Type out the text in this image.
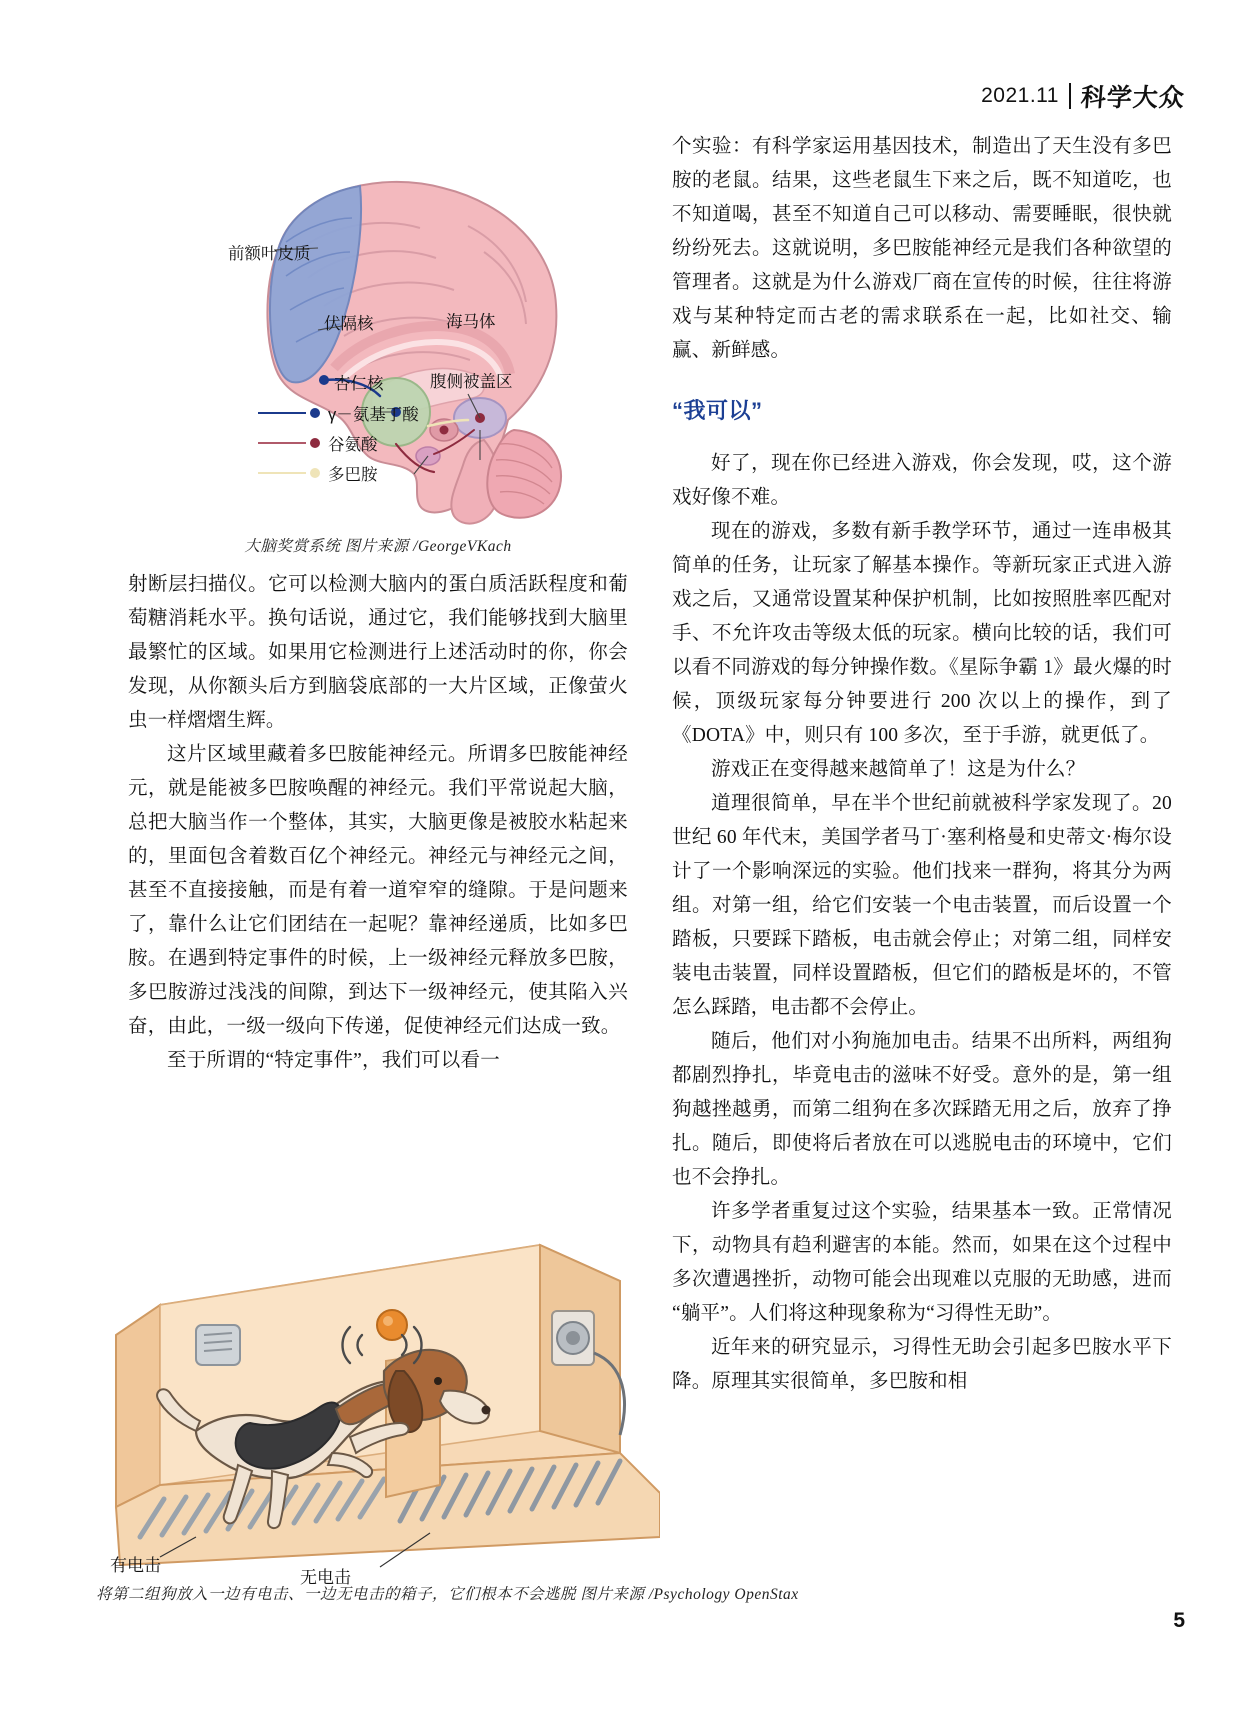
2021.11 科学大众
前额叶皮质
伏隔核	海马体
杏仁核	腹侧被盖区
γ－氨基丁酸
谷氨酸
多巴胺
大脑奖赏系统 图片来源 /GeorgeVKach

射断层扫描仪。它可以检测大脑内的蛋白质活跃程度和葡萄糖消耗水平。换句话说，通过它，我们能够找到大脑里最繁忙的区域。如果用它检测进行上述活动时的你，你会发现，从你额头后方到脑袋底部的一大片区域，正像萤火虫一样熠熠生辉。

这片区域里藏着多巴胺能神经元。所谓多巴胺能神经元，就是能被多巴胺唤醒的神经元。我们平常说起大脑，总把大脑当作一个整体，其实，大脑更像是被胶水粘起来的，里面包含着数百亿个神经元。神经元与神经元之间，甚至不直接接触，而是有着一道窄窄的缝隙。于是问题来了，靠什么让它们团结在一起呢？靠神经递质，比如多巴胺。在遇到特定事件的时候，上一级神经元释放多巴胺，多巴胺游过浅浅的间隙，到达下一级神经元，使其陷入兴奋，由此，一级一级向下传递，促使神经元们达成一致。

至于所谓的“特定事件”，我们可以看一

有电击
无电击
将第二组狗放入一边有电击、一边无电击的箱子，它们根本不会逃脱 图片来源 /Psychology OpenStax

个实验：有科学家运用基因技术，制造出了天生没有多巴胺的老鼠。结果，这些老鼠生下来之后，既不知道吃，也不知道喝，甚至不知道自己可以移动、需要睡眠，很快就纷纷死去。这就说明，多巴胺能神经元是我们各种欲望的管理者。这就是为什么游戏厂商在宣传的时候，往往将游戏与某种特定而古老的需求联系在一起，比如社交、输赢、新鲜感。

“我可以”

好了，现在你已经进入游戏，你会发现，哎，这个游戏好像不难。

现在的游戏，多数有新手教学环节，通过一连串极其简单的任务，让玩家了解基本操作。等新玩家正式进入游戏之后，又通常设置某种保护机制，比如按照胜率匹配对手、不允许攻击等级太低的玩家。横向比较的话，我们可以看不同游戏的每分钟操作数。《星际争霸 1》最火爆的时候，顶级玩家每分钟要进行 200 次以上的操作，到了《DOTA》中，则只有 100 多次，至于手游，就更低了。

游戏正在变得越来越简单了！这是为什么？

道理很简单，早在半个世纪前就被科学家发现了。20 世纪 60 年代末，美国学者马丁·塞利格曼和史蒂文·梅尔设计了一个影响深远的实验。他们找来一群狗，将其分为两组。对第一组，给它们安装一个电击装置，而后设置一个踏板，只要踩下踏板，电击就会停止；对第二组，同样安装电击装置，同样设置踏板，但它们的踏板是坏的，不管怎么踩踏，电击都不会停止。

随后，他们对小狗施加电击。结果不出所料，两组狗都剧烈挣扎，毕竟电击的滋味不好受。意外的是，第一组狗越挫越勇，而第二组狗在多次踩踏无用之后，放弃了挣扎。随后，即使将后者放在可以逃脱电击的环境中，它们也不会挣扎。

许多学者重复过这个实验，结果基本一致。正常情况下，动物具有趋利避害的本能。然而，如果在这个过程中多次遭遇挫折，动物可能会出现难以克服的无助感，进而“躺平”。人们将这种现象称为“习得性无助”。

近年来的研究显示，习得性无助会引起多巴胺水平下降。原理其实很简单，多巴胺和相

5
